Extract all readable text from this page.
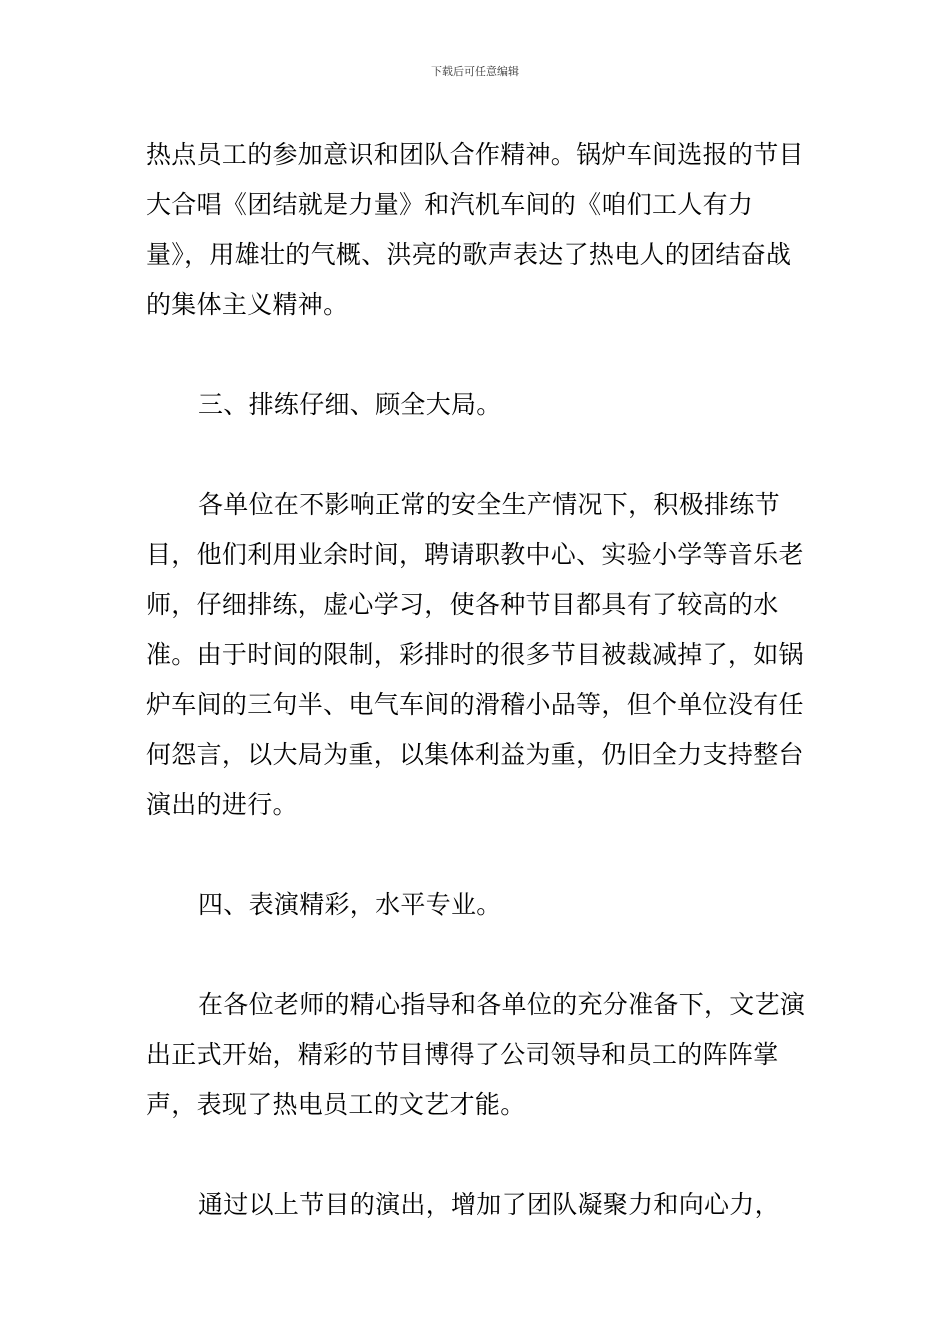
下载后可任意编辑

热点员工的参加意识和团队合作精神。锅炉车间选报的节目大合唱《团结就是力量》和汽机车间的《咱们工人有力量》，用雄壮的气概、洪亮的歌声表达了热电人的团结奋战的集体主义精神。

三、排练仔细、顾全大局。

各单位在不影响正常的安全生产情况下，积极排练节目，他们利用业余时间，聘请职教中心、实验小学等音乐老师，仔细排练，虚心学习，使各种节目都具有了较高的水准。由于时间的限制，彩排时的很多节目被裁减掉了，如锅炉车间的三句半、电气车间的滑稽小品等，但个单位没有任何怨言，以大局为重，以集体利益为重，仍旧全力支持整台演出的进行。

四、表演精彩，水平专业。

在各位老师的精心指导和各单位的充分准备下，文艺演出正式开始，精彩的节目博得了公司领导和员工的阵阵掌声，表现了热电员工的文艺才能。

通过以上节目的演出，增加了团队凝聚力和向心力，
